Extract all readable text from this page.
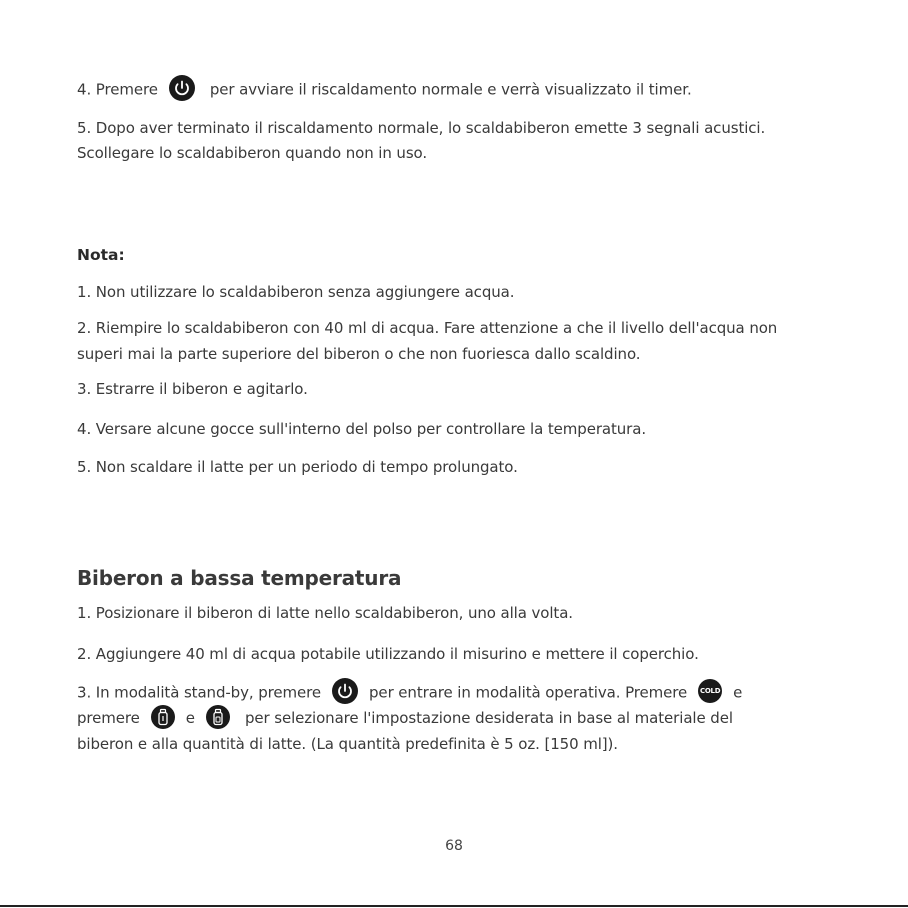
4. Premere	per avviare il riscaldamento normale e verrà visualizzato il timer.
5. Dopo aver terminato il riscaldamento normale, lo scaldabiberon emette 3 segnali acustici.
Scollegare lo scaldabiberon quando non in uso.
Nota:
1. Non utilizzare lo scaldabiberon senza aggiungere acqua.
2. Riempire lo scaldabiberon con 40 ml di acqua. Fare attenzione a che il livello dell'acqua non
superi mai la parte superiore del biberon o che non fuoriesca dallo scaldino.
3. Estrarre il biberon e agitarlo.
4. Versare alcune gocce sull'interno del polso per controllare la temperatura.
5. Non scaldare il latte per un periodo di tempo prolungato.
Biberon a bassa temperatura
1. Posizionare il biberon di latte nello scaldabiberon, uno alla volta.
2. Aggiungere 40 ml di acqua potabile utilizzando il misurino e mettere il coperchio.
3. In modalità stand-by, premere	per entrare in modalità operativa. Premere COLD e
premere	e	per selezionare l'impostazione desiderata in base al materiale del
biberon e alla quantità di latte. (La quantità predefinita è 5 oz. [150 ml]).
68
